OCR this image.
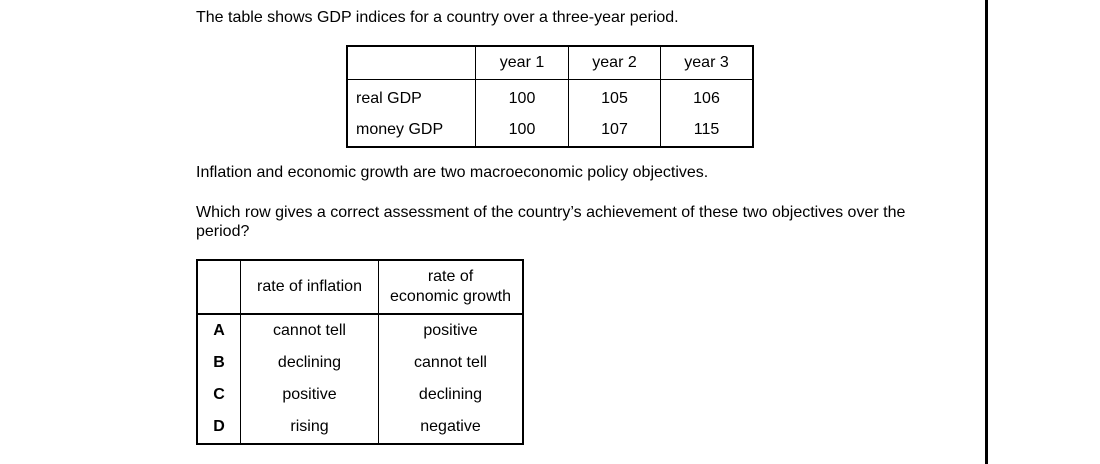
The table shows GDP indices for a country over a three-year period.
	year 1	year 2	year 3
real GDP	100	105	106
money GDP	100	107	115
Inflation and economic growth are two macroeconomic policy objectives.
Which row gives a correct assessment of the country’s achievement of these two objectives over the period?
	rate of inflation	rate of
economic growth
A	cannot tell	positive
B	declining	cannot tell
C	positive	declining
D	rising	negative
